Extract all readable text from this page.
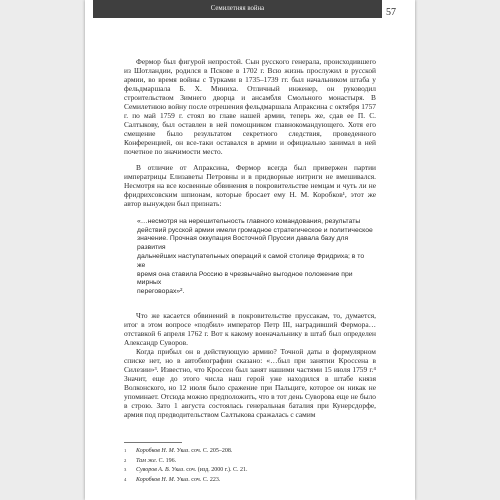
Семилетняя война	57

Фермор был фигурой непростой. Сын русского генерала, происходившего из Шотландии, родился в Пскове в 1702 г. Всю жизнь прослужил в русской армии, во время войны с Турками в 1735–1739 гг. был начальником штаба у фельдмаршала Б. Х. Миниха. Отличный инженер, он руководил строительством Зимнего дворца и ансамбля Смольного монастыря. В Семилетнюю войну после отрешения фельдмаршала Апраксина с октября 1757 г. по май 1759 г. стоял во главе нашей армии, теперь же, сдав ее П. С. Салтыкову, был оставлен в ней помощником главнокомандующего. Хотя его смещение было результатом секретного следствия, проведенного Конференцией, он все-таки оставался в армии и официально занимал в ней почетное по значимости место.

В отличие от Апраксина, Фермор всегда был привержен партии императрицы Елизаветы Петровны и в придворные интриги не вмешивался. Несмотря на все косвенные обвинения в покровительстве немцам и чуть ли не фридрихсовским шпионам, которые бросает ему Н. М. Коробков¹, этот же автор вынужден был признать:

«…несмотря на нерешительность главного командования, результаты
действий русской армии имели громадное стратегическое и политическое
значение. Прочная оккупация Восточной Пруссии давала базу для развития
дальнейших наступательных операций к самой столице Фридриха; в то же
время она ставила Россию в чрезвычайно выгодное положение при мирных
переговорах»².

Что же касается обвинений в покровительстве пруссакам, то, думается, итог в этом вопросе «подбил» император Петр III, наградивший Фермора… отставкой 6 апреля 1762 г. Вот к какому военачальнику в штаб был определен Александр Суворов.

Когда прибыл он в действующую армию? Точной даты в формулярном списке нет, но в автобиографии сказано: «…был при занятии Кроссена в Силезии»³. Известно, что Кроссен был занят нашими частями 15 июля 1759 г.⁴ Значит, еще до этого числа наш герой уже находился в штабе князя Волконского, но 12 июля было сражение при Пальциге, которое он никак не упоминает. Отсюда можно предположить, что в тот день Суворова еще не было в строю. Зато 1 августа состоялась генеральная баталия при Кунерсдорфе, армия под предводительством Салтыкова сражалась с самим

1 Коробков Н. М. Указ. соч. С. 205–208.
2 Там же. С. 196.
3 Суворов А. В. Указ. соч. (изд. 2000 г.). С. 21.
4 Коробков Н. М. Указ. соч. С. 223.
